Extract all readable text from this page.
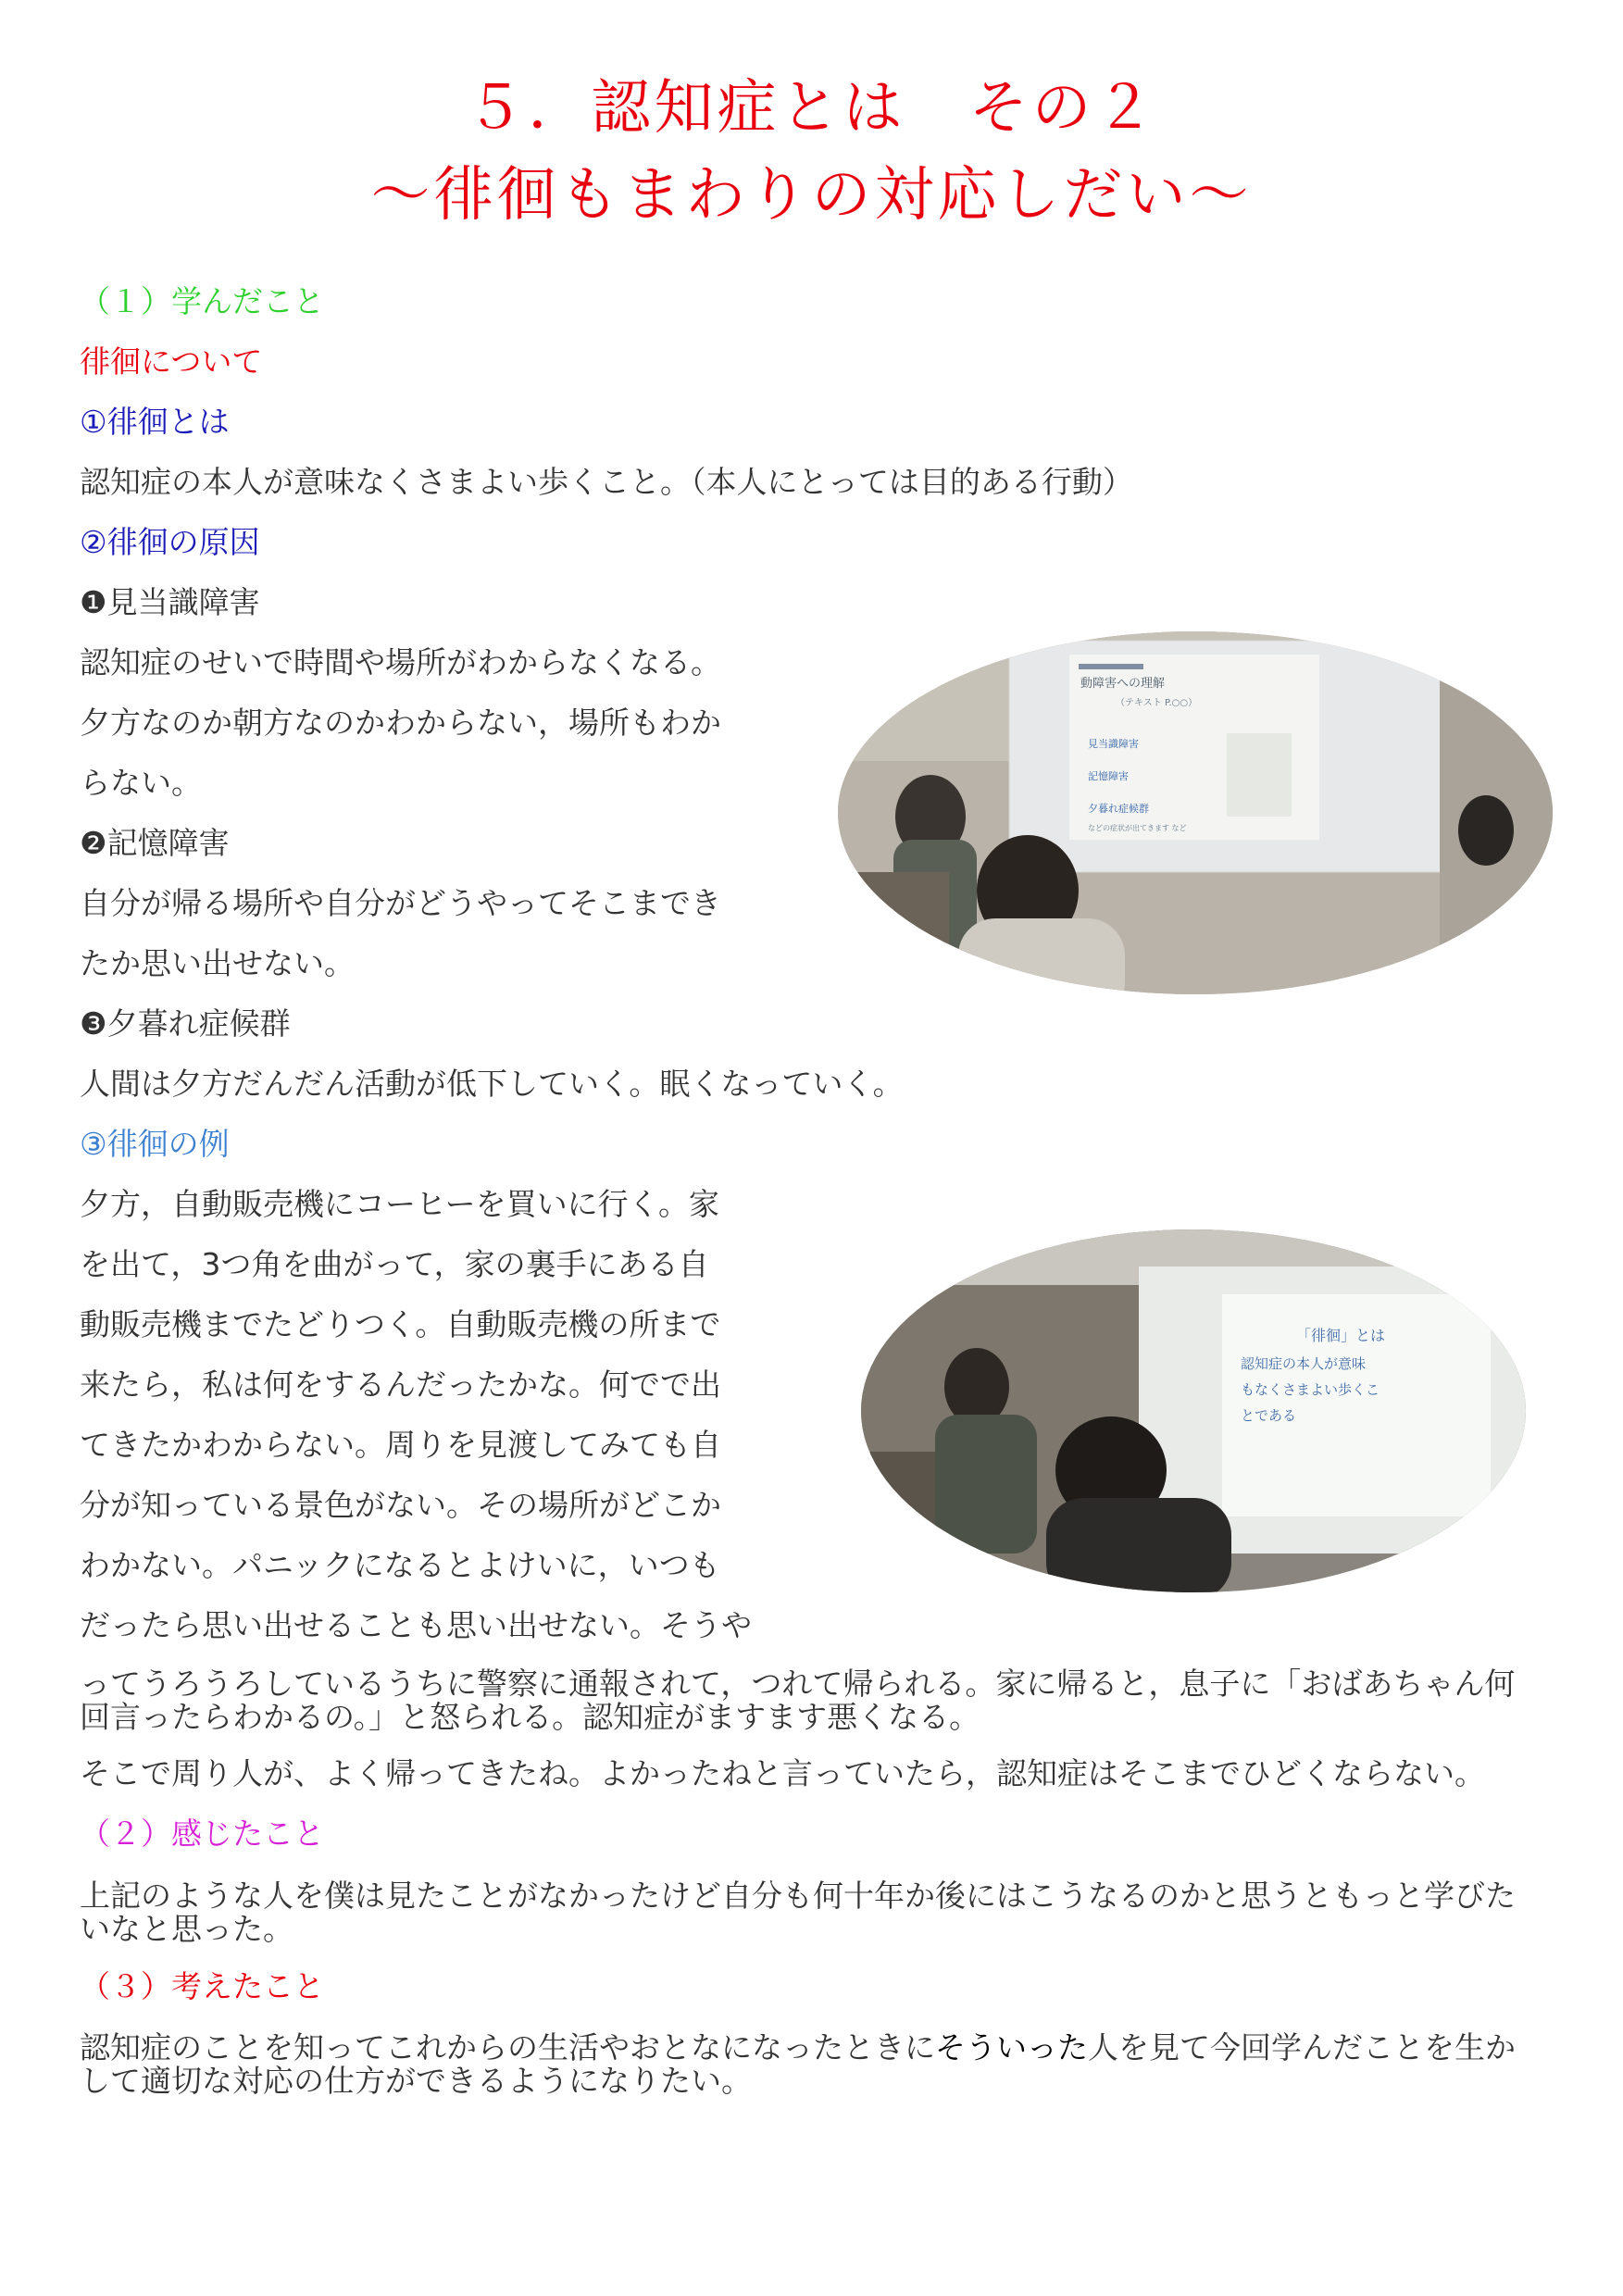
５．認知症とは　その２
～徘徊もまわりの対応しだい～
（１）学んだこと
徘徊について
①徘徊とは
認知症の本人が意味なくさまよい歩くこと。（本人にとっては目的ある行動）
②徘徊の原因
❶見当識障害
認知症のせいで時間や場所がわからなくなる。
夕方なのか朝方なのかわからない，場所もわか
らない。
❷記憶障害
自分が帰る場所や自分がどうやってそこまでき
たか思い出せない。
❸夕暮れ症候群
人間は夕方だんだん活動が低下していく。眠くなっていく。
③徘徊の例
夕方，自動販売機にコーヒーを買いに行く。家
を出て，3つ角を曲がって，家の裏手にある自
動販売機までたどりつく。自動販売機の所まで
来たら，私は何をするんだったかな。何でで出
てきたかわからない。周りを見渡してみても自
分が知っている景色がない。その場所がどこか
わかない。パニックになるとよけいに，いつも
だったら思い出せることも思い出せない。そうや
ってうろうろしているうちに警察に通報されて，つれて帰られる。家に帰ると，息子に「おばあちゃん何回言ったらわかるの。」と怒られる。認知症がますます悪くなる。
そこで周り人が、よく帰ってきたね。よかったねと言っていたら，認知症はそこまでひどくならない。
（２）感じたこと
上記のような人を僕は見たことがなかったけど自分も何十年か後にはこうなるのかと思うともっと学びたいなと思った。
（３）考えたこと
認知症のことを知ってこれからの生活やおとなになったときにそういった人を見て今回学んだことを生かして適切な対応の仕方ができるようになりたい。
動障害への理解
（テキスト P.○○）
見当識障害
記憶障害
夕暮れ症候群
などの症状が出てきます など
「徘徊」とは
認知症の本人が意味
もなくさまよい歩くこ
とである
